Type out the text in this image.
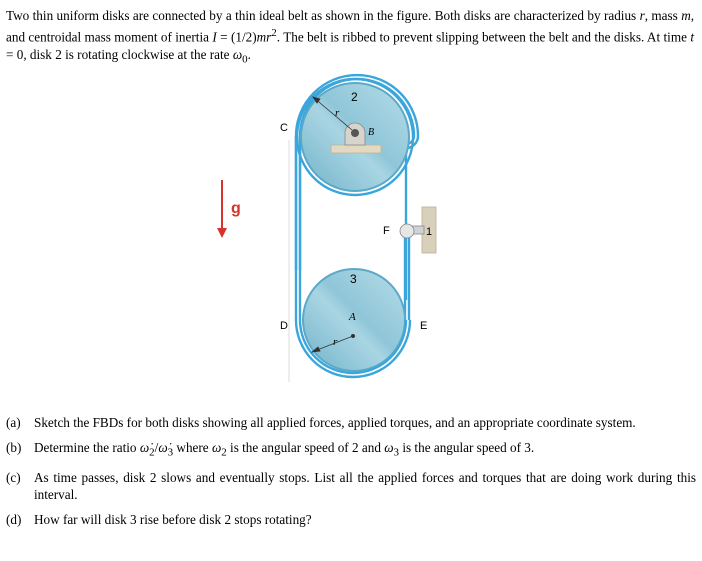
Two thin uniform disks are connected by a thin ideal belt as shown in the figure. Both disks are characterized by radius r, mass m, and centroidal mass moment of inertia $I = (1/2)mr^2$. The belt is ribbed to prevent slipping between the belt and the disks. At time t = 0, disk 2 is rotating clockwise at the rate $\omega_0$.

g
2
3
r
r
B
C
D	E
F
A
1
(a)	Sketch the FBDs for both disks showing all applied forces, applied torques, and an appropriate coordinate system.
(b) Determine the ratio $\omegȧ_2/\omegȧ_3$ where $\omega_2$ is the angular speed of 2 and $\omega_3$ is the angular speed of 3.
(c)	As time passes, disk 2 slows and eventually stops. List all the applied forces and torques that are doing work during this interval.
(d) How far will disk 3 rise before disk 2 stops rotating?
